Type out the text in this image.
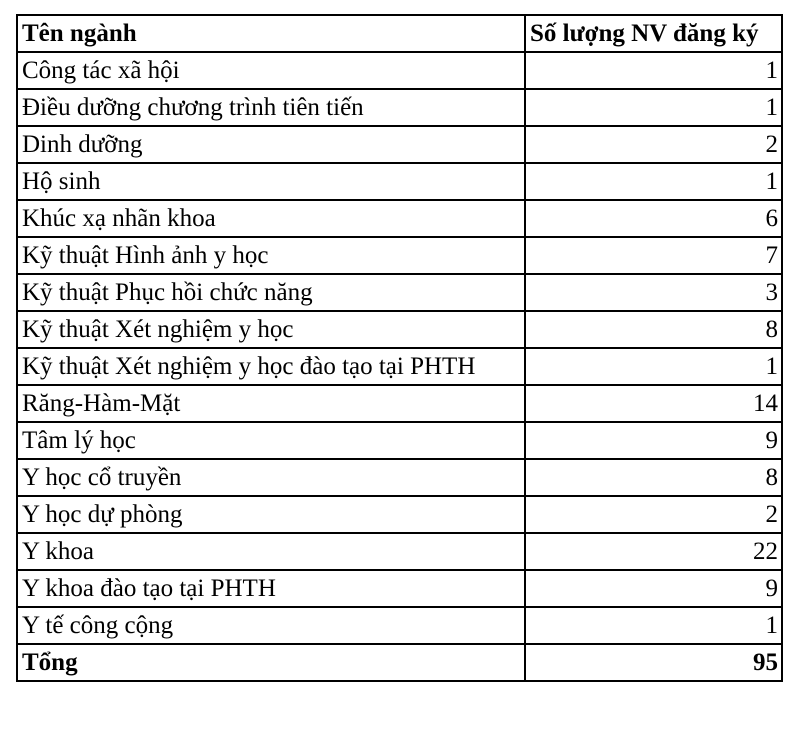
Tên ngành	Số lượng NV đăng ký
Công tác xã hội	1
Điều dưỡng chương trình tiên tiến	1
Dinh dưỡng	2
Hộ sinh	1
Khúc xạ nhãn khoa	6
Kỹ thuật Hình ảnh y học	7
Kỹ thuật Phục hồi chức năng	3
Kỹ thuật Xét nghiệm y học	8
Kỹ thuật Xét nghiệm y học đào tạo tại PHTH	1
Răng-Hàm-Mặt	14
Tâm lý học	9
Y học cổ truyền	8
Y học dự phòng	2
Y khoa	22
Y khoa đào tạo tại PHTH	9
Y tế công cộng	1
Tổng	95
